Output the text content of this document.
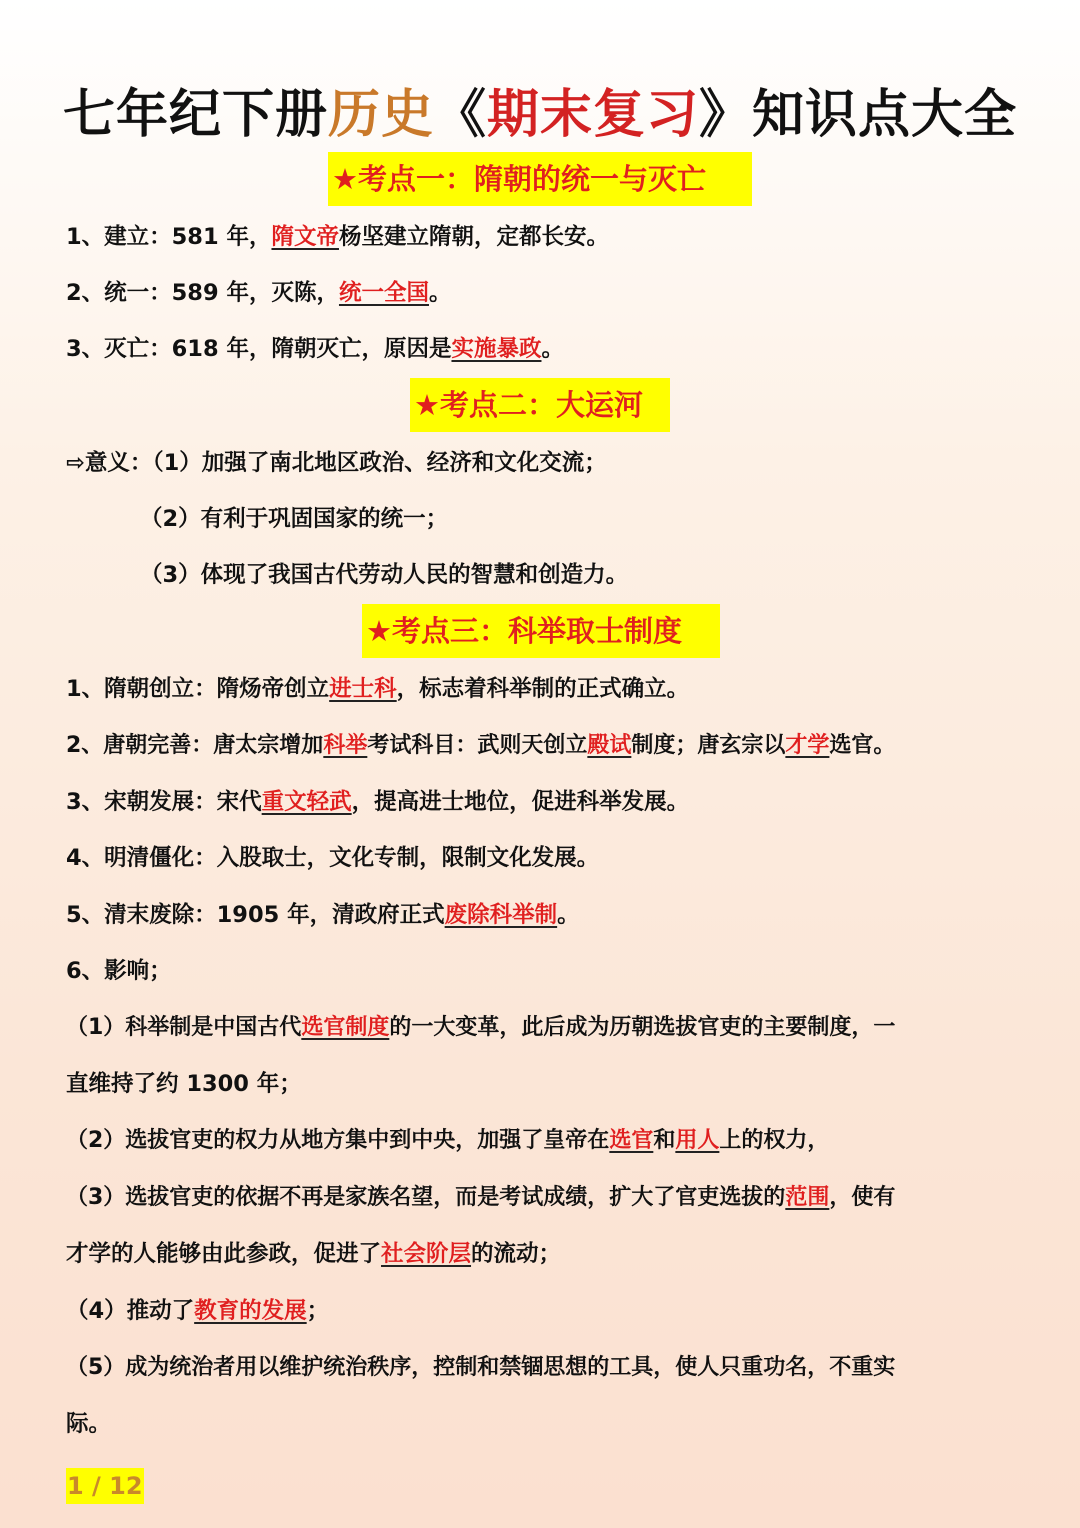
七年纪下册历史《期末复习》知识点大全
★考点一：隋朝的统一与灭亡
1、建立：581 年，隋文帝杨坚建立隋朝，定都长安。
2、统一：589 年，灭陈，统一全国。
3、灭亡：618 年，隋朝灭亡，原因是实施暴政。
★考点二：大运河
⇨意义：（1）加强了南北地区政治、经济和文化交流；
（2）有利于巩固国家的统一；
（3）体现了我国古代劳动人民的智慧和创造力。
★考点三：科举取士制度
1、隋朝创立：隋炀帝创立进士科，标志着科举制的正式确立。
2、唐朝完善：唐太宗增加科举考试科目：武则天创立殿试制度；唐玄宗以才学选官。
3、宋朝发展：宋代重文轻武，提高进士地位，促进科举发展。
4、明清僵化：入股取士，文化专制，限制文化发展。
5、清末废除：1905 年，清政府正式废除科举制。
6、影响；
（1）科举制是中国古代选官制度的一大变革，此后成为历朝选拔官吏的主要制度，一
直维持了约 1300 年；
（2）选拔官吏的权力从地方集中到中央，加强了皇帝在选官和用人上的权力，
（3）选拔官吏的依据不再是家族名望，而是考试成绩，扩大了官吏选拔的范围，使有
才学的人能够由此参政，促进了社会阶层的流动；
（4）推动了教育的发展；
（5）成为统治者用以维护统治秩序，控制和禁锢思想的工具，使人只重功名，不重实
际。
1 / 12
